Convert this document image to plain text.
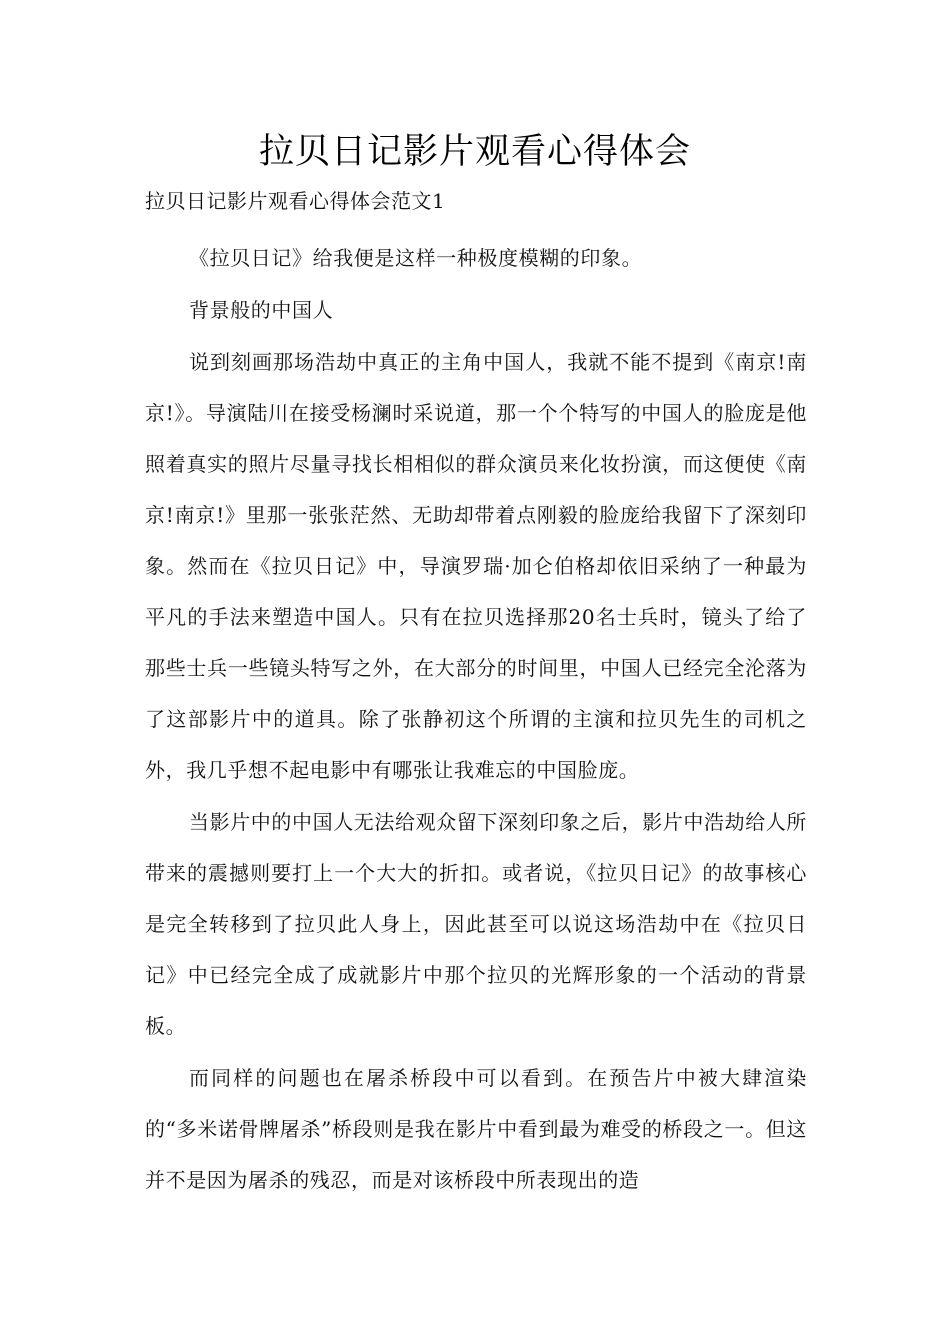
拉贝日记影片观看心得体会

拉贝日记影片观看心得体会范文1

《拉贝日记》给我便是这样一种极度模糊的印象。

背景般的中国人

说到刻画那场浩劫中真正的主角中国人，我就不能不提到《南京!南京!》。导演陆川在接受杨澜时采说道，那一个个特写的中国人的脸庞是他照着真实的照片尽量寻找长相相似的群众演员来化妆扮演，而这便使《南京!南京!》里那一张张茫然、无助却带着点刚毅的脸庞给我留下了深刻印象。然而在《拉贝日记》中，导演罗瑞·加仑伯格却依旧采纳了一种最为平凡的手法来塑造中国人。只有在拉贝选择那20名士兵时，镜头了给了那些士兵一些镜头特写之外，在大部分的时间里，中国人已经完全沦落为了这部影片中的道具。除了张静初这个所谓的主演和拉贝先生的司机之外，我几乎想不起电影中有哪张让我难忘的中国脸庞。

当影片中的中国人无法给观众留下深刻印象之后，影片中浩劫给人所带来的震撼则要打上一个大大的折扣。或者说，《拉贝日记》的故事核心是完全转移到了拉贝此人身上，因此甚至可以说这场浩劫中在《拉贝日记》中已经完全成了成就影片中那个拉贝的光辉形象的一个活动的背景板。

而同样的问题也在屠杀桥段中可以看到。在预告片中被大肆渲染的“多米诺骨牌屠杀”桥段则是我在影片中看到最为难受的桥段之一。但这并不是因为屠杀的残忍，而是对该桥段中所表现出的造
